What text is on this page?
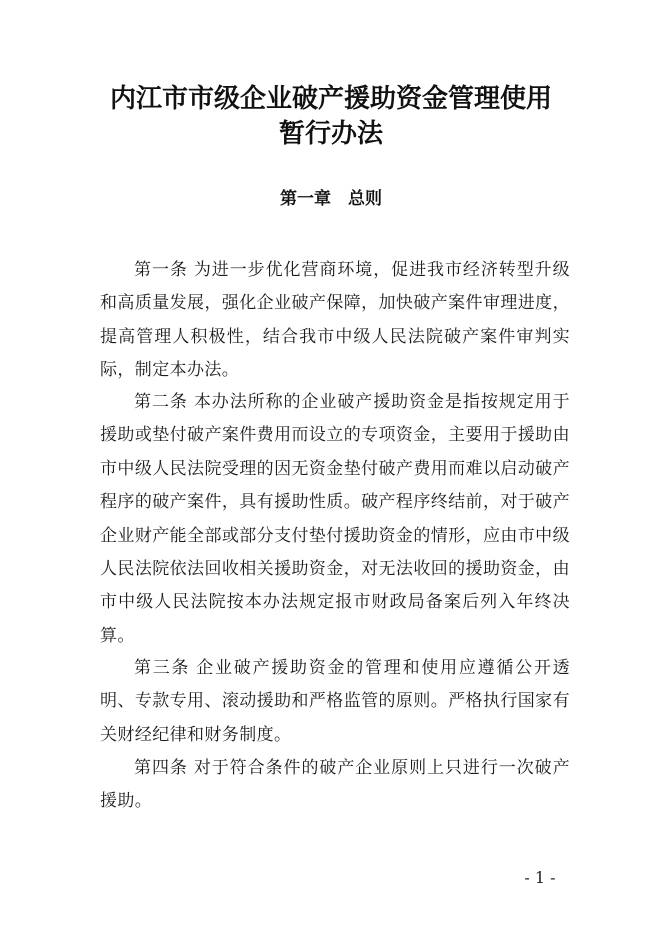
内江市市级企业破产援助资金管理使用
暂行办法
第一章　总则

第一条 为进一步优化营商环境，促进我市经济转型升级和高质量发展，强化企业破产保障，加快破产案件审理进度，提高管理人积极性，结合我市中级人民法院破产案件审判实际，制定本办法。

第二条 本办法所称的企业破产援助资金是指按规定用于援助或垫付破产案件费用而设立的专项资金，主要用于援助由市中级人民法院受理的因无资金垫付破产费用而难以启动破产程序的破产案件，具有援助性质。破产程序终结前，对于破产企业财产能全部或部分支付垫付援助资金的情形，应由市中级人民法院依法回收相关援助资金，对无法收回的援助资金，由市中级人民法院按本办法规定报市财政局备案后列入年终决算。

第三条 企业破产援助资金的管理和使用应遵循公开透明、专款专用、滚动援助和严格监管的原则。严格执行国家有关财经纪律和财务制度。

第四条 对于符合条件的破产企业原则上只进行一次破产援助。

- 1 -
